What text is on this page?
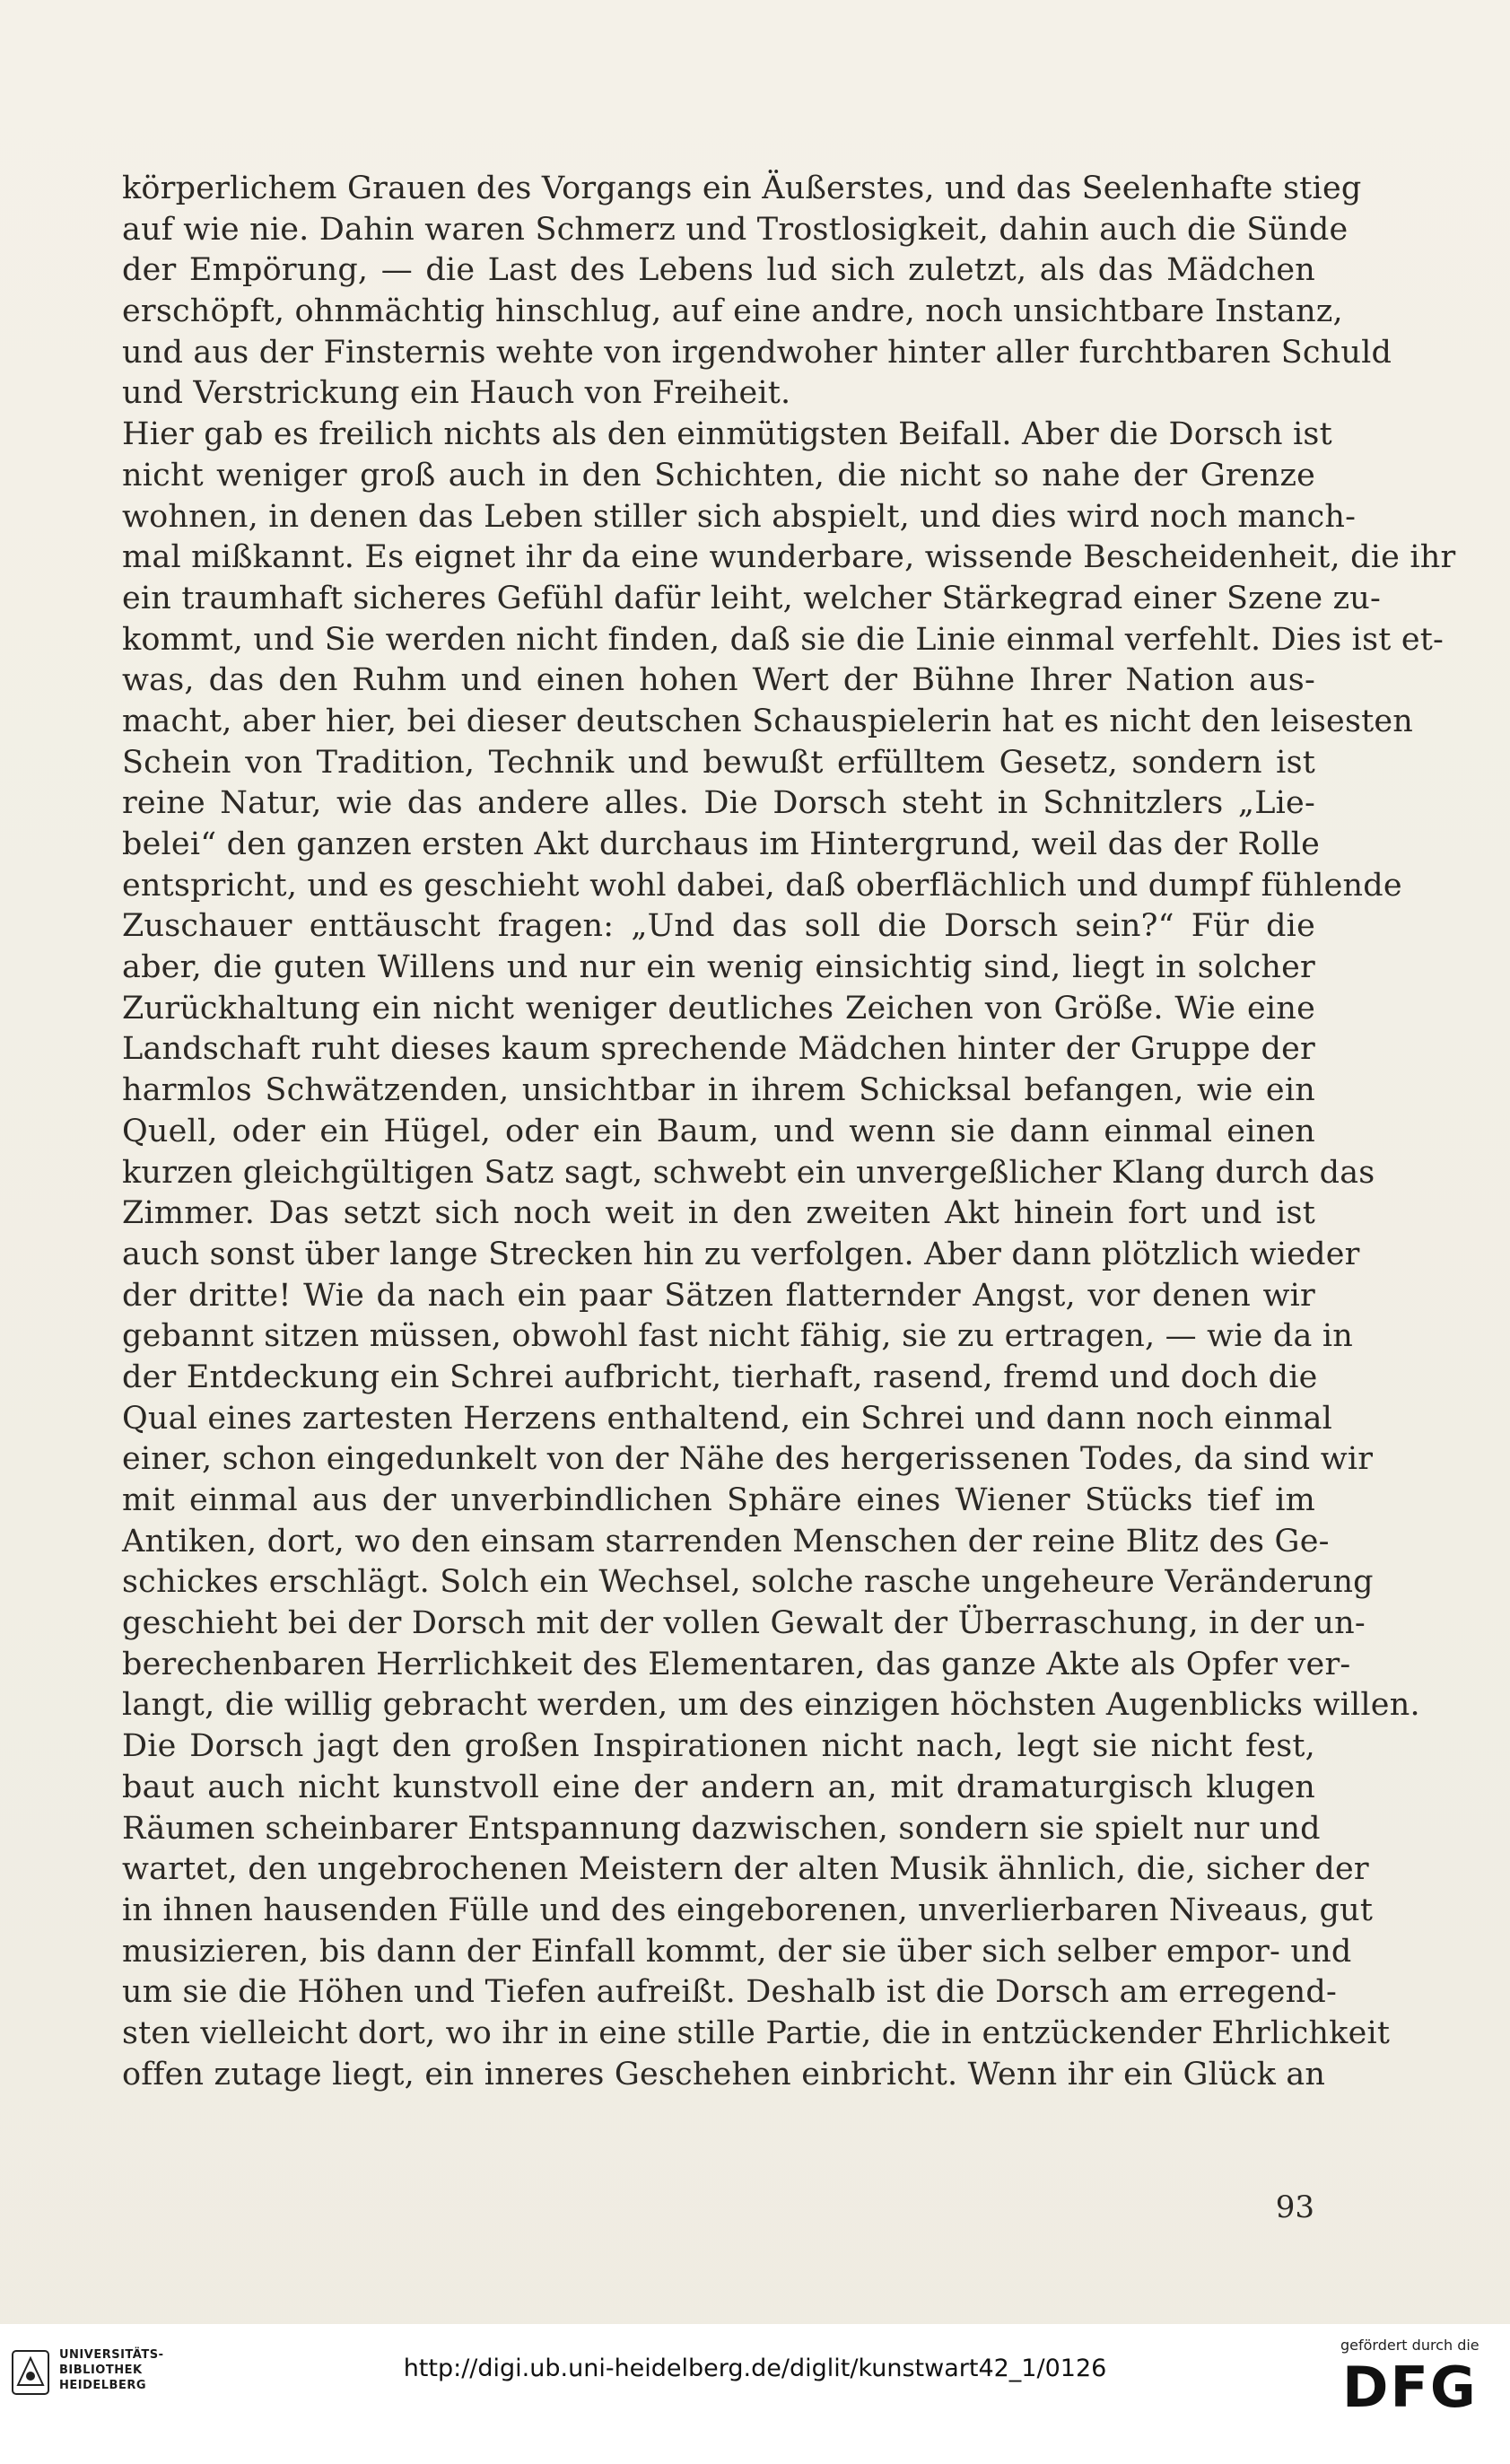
körperlichem Grauen des Vorgangs ein Äußerstes, und das Seelenhafte stieg
auf wie nie. Dahin waren Schmerz und Trostlosigkeit, dahin auch die Sünde
der Empörung, — die Last des Lebens lud sich zuletzt, als das Mädchen
erschöpft, ohnmächtig hinschlug, auf eine andre, noch unsichtbare Instanz,
und aus der Finsternis wehte von irgendwoher hinter aller furchtbaren Schuld
und Verstrickung ein Hauch von Freiheit.
Hier gab es freilich nichts als den einmütigsten Beifall. Aber die Dorsch ist
nicht weniger groß auch in den Schichten, die nicht so nahe der Grenze
wohnen, in denen das Leben stiller sich abspielt, und dies wird noch manch-
mal mißkannt. Es eignet ihr da eine wunderbare, wissende Bescheidenheit, die ihr
ein traumhaft sicheres Gefühl dafür leiht, welcher Stärkegrad einer Szene zu-
kommt, und Sie werden nicht finden, daß sie die Linie einmal verfehlt. Dies ist et-
was, das den Ruhm und einen hohen Wert der Bühne Ihrer Nation aus-
macht, aber hier, bei dieser deutschen Schauspielerin hat es nicht den leisesten
Schein von Tradition, Technik und bewußt erfülltem Gesetz, sondern ist
reine Natur, wie das andere alles. Die Dorsch steht in Schnitzlers „Lie-
belei“ den ganzen ersten Akt durchaus im Hintergrund, weil das der Rolle
entspricht, und es geschieht wohl dabei, daß oberflächlich und dumpf fühlende
Zuschauer enttäuscht fragen: „Und das soll die Dorsch sein?“ Für die
aber, die guten Willens und nur ein wenig einsichtig sind, liegt in solcher
Zurückhaltung ein nicht weniger deutliches Zeichen von Größe. Wie eine
Landschaft ruht dieses kaum sprechende Mädchen hinter der Gruppe der
harmlos Schwätzenden, unsichtbar in ihrem Schicksal befangen, wie ein
Quell, oder ein Hügel, oder ein Baum, und wenn sie dann einmal einen
kurzen gleichgültigen Satz sagt, schwebt ein unvergeßlicher Klang durch das
Zimmer. Das setzt sich noch weit in den zweiten Akt hinein fort und ist
auch sonst über lange Strecken hin zu verfolgen. Aber dann plötzlich wieder
der dritte! Wie da nach ein paar Sätzen flatternder Angst, vor denen wir
gebannt sitzen müssen, obwohl fast nicht fähig, sie zu ertragen, — wie da in
der Entdeckung ein Schrei aufbricht, tierhaft, rasend, fremd und doch die
Qual eines zartesten Herzens enthaltend, ein Schrei und dann noch einmal
einer, schon eingedunkelt von der Nähe des hergerissenen Todes, da sind wir
mit einmal aus der unverbindlichen Sphäre eines Wiener Stücks tief im
Antiken, dort, wo den einsam starrenden Menschen der reine Blitz des Ge-
schickes erschlägt. Solch ein Wechsel, solche rasche ungeheure Veränderung
geschieht bei der Dorsch mit der vollen Gewalt der Überraschung, in der un-
berechenbaren Herrlichkeit des Elementaren, das ganze Akte als Opfer ver-
langt, die willig gebracht werden, um des einzigen höchsten Augenblicks willen.
Die Dorsch jagt den großen Inspirationen nicht nach, legt sie nicht fest,
baut auch nicht kunstvoll eine der andern an, mit dramaturgisch klugen
Räumen scheinbarer Entspannung dazwischen, sondern sie spielt nur und
wartet, den ungebrochenen Meistern der alten Musik ähnlich, die, sicher der
in ihnen hausenden Fülle und des eingeborenen, unverlierbaren Niveaus, gut
musizieren, bis dann der Einfall kommt, der sie über sich selber empor- und
um sie die Höhen und Tiefen aufreißt. Deshalb ist die Dorsch am erregend-
sten vielleicht dort, wo ihr in eine stille Partie, die in entzückender Ehrlichkeit
offen zutage liegt, ein inneres Geschehen einbricht. Wenn ihr ein Glück an
93
UNIVERSITÄTS-
BIBLIOTHEK
HEIDELBERG
http://digi.ub.uni-heidelberg.de/diglit/kunstwart42_1/0126
gefördert durch die
DFG
